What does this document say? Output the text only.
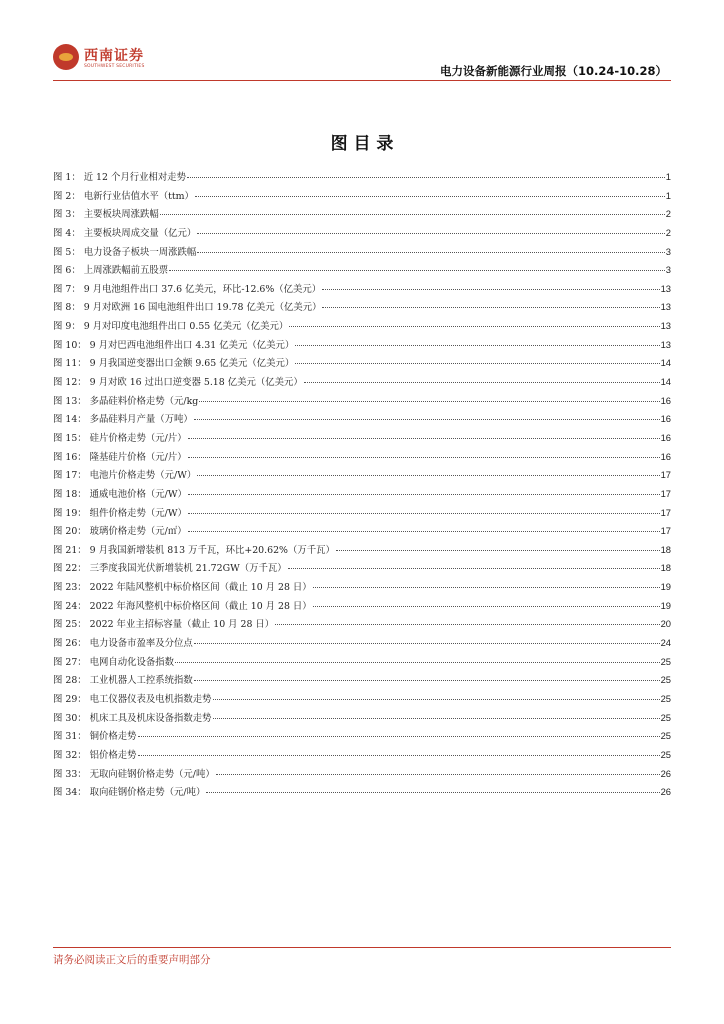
西南证券
SOUTHWEST SECURITIES	电力设备新能源行业周报（10.24-10.28）
图 目 录
图 1： 近 12 个月行业相对走势	1
图 2： 电新行业估值水平（ttm）	1
图 3： 主要板块周涨跌幅	2
图 4： 主要板块周成交量（亿元）	2
图 5： 电力设备子板块一周涨跌幅	3
图 6： 上周涨跌幅前五股票	3
图 7： 9 月电池组件出口 37.6 亿美元，环比-12.6%（亿美元）	13
图 8： 9 月对欧洲 16 国电池组件出口 19.78 亿美元（亿美元）	13
图 9： 9 月对印度电池组件出口 0.55 亿美元（亿美元）	13
图 10： 9 月对巴西电池组件出口 4.31 亿美元（亿美元）	13
图 11： 9 月我国逆变器出口金额 9.65 亿美元（亿美元）	14
图 12： 9 月对欧 16 过出口逆变器 5.18 亿美元（亿美元）	14
图 13： 多晶硅料价格走势（元/kg	16
图 14： 多晶硅料月产量（万吨）	16
图 15： 硅片价格走势（元/片）	16
图 16： 隆基硅片价格（元/片）	16
图 17： 电池片价格走势（元/W）	17
图 18： 通威电池价格（元/W）	17
图 19： 组件价格走势（元/W）	17
图 20： 玻璃价格走势（元/㎡）	17
图 21： 9 月我国新增装机 813 万千瓦，环比+20.62%（万千瓦）	18
图 22： 三季度我国光伏新增装机 21.72GW（万千瓦）	18
图 23： 2022 年陆风整机中标价格区间（截止 10 月 28 日）	19
图 24： 2022 年海风整机中标价格区间（截止 10 月 28 日）	19
图 25： 2022 年业主招标容量（截止 10 月 28 日）	20
图 26： 电力设备市盈率及分位点	24
图 27： 电网自动化设备指数	25
图 28： 工业机器人工控系统指数	25
图 29： 电工仪器仪表及电机指数走势	25
图 30： 机床工具及机床设备指数走势	25
图 31： 铜价格走势	25
图 32： 铝价格走势	25
图 33： 无取向硅钢价格走势（元/吨）	26
图 34： 取向硅钢价格走势（元/吨）	26
请务必阅读正文后的重要声明部分
